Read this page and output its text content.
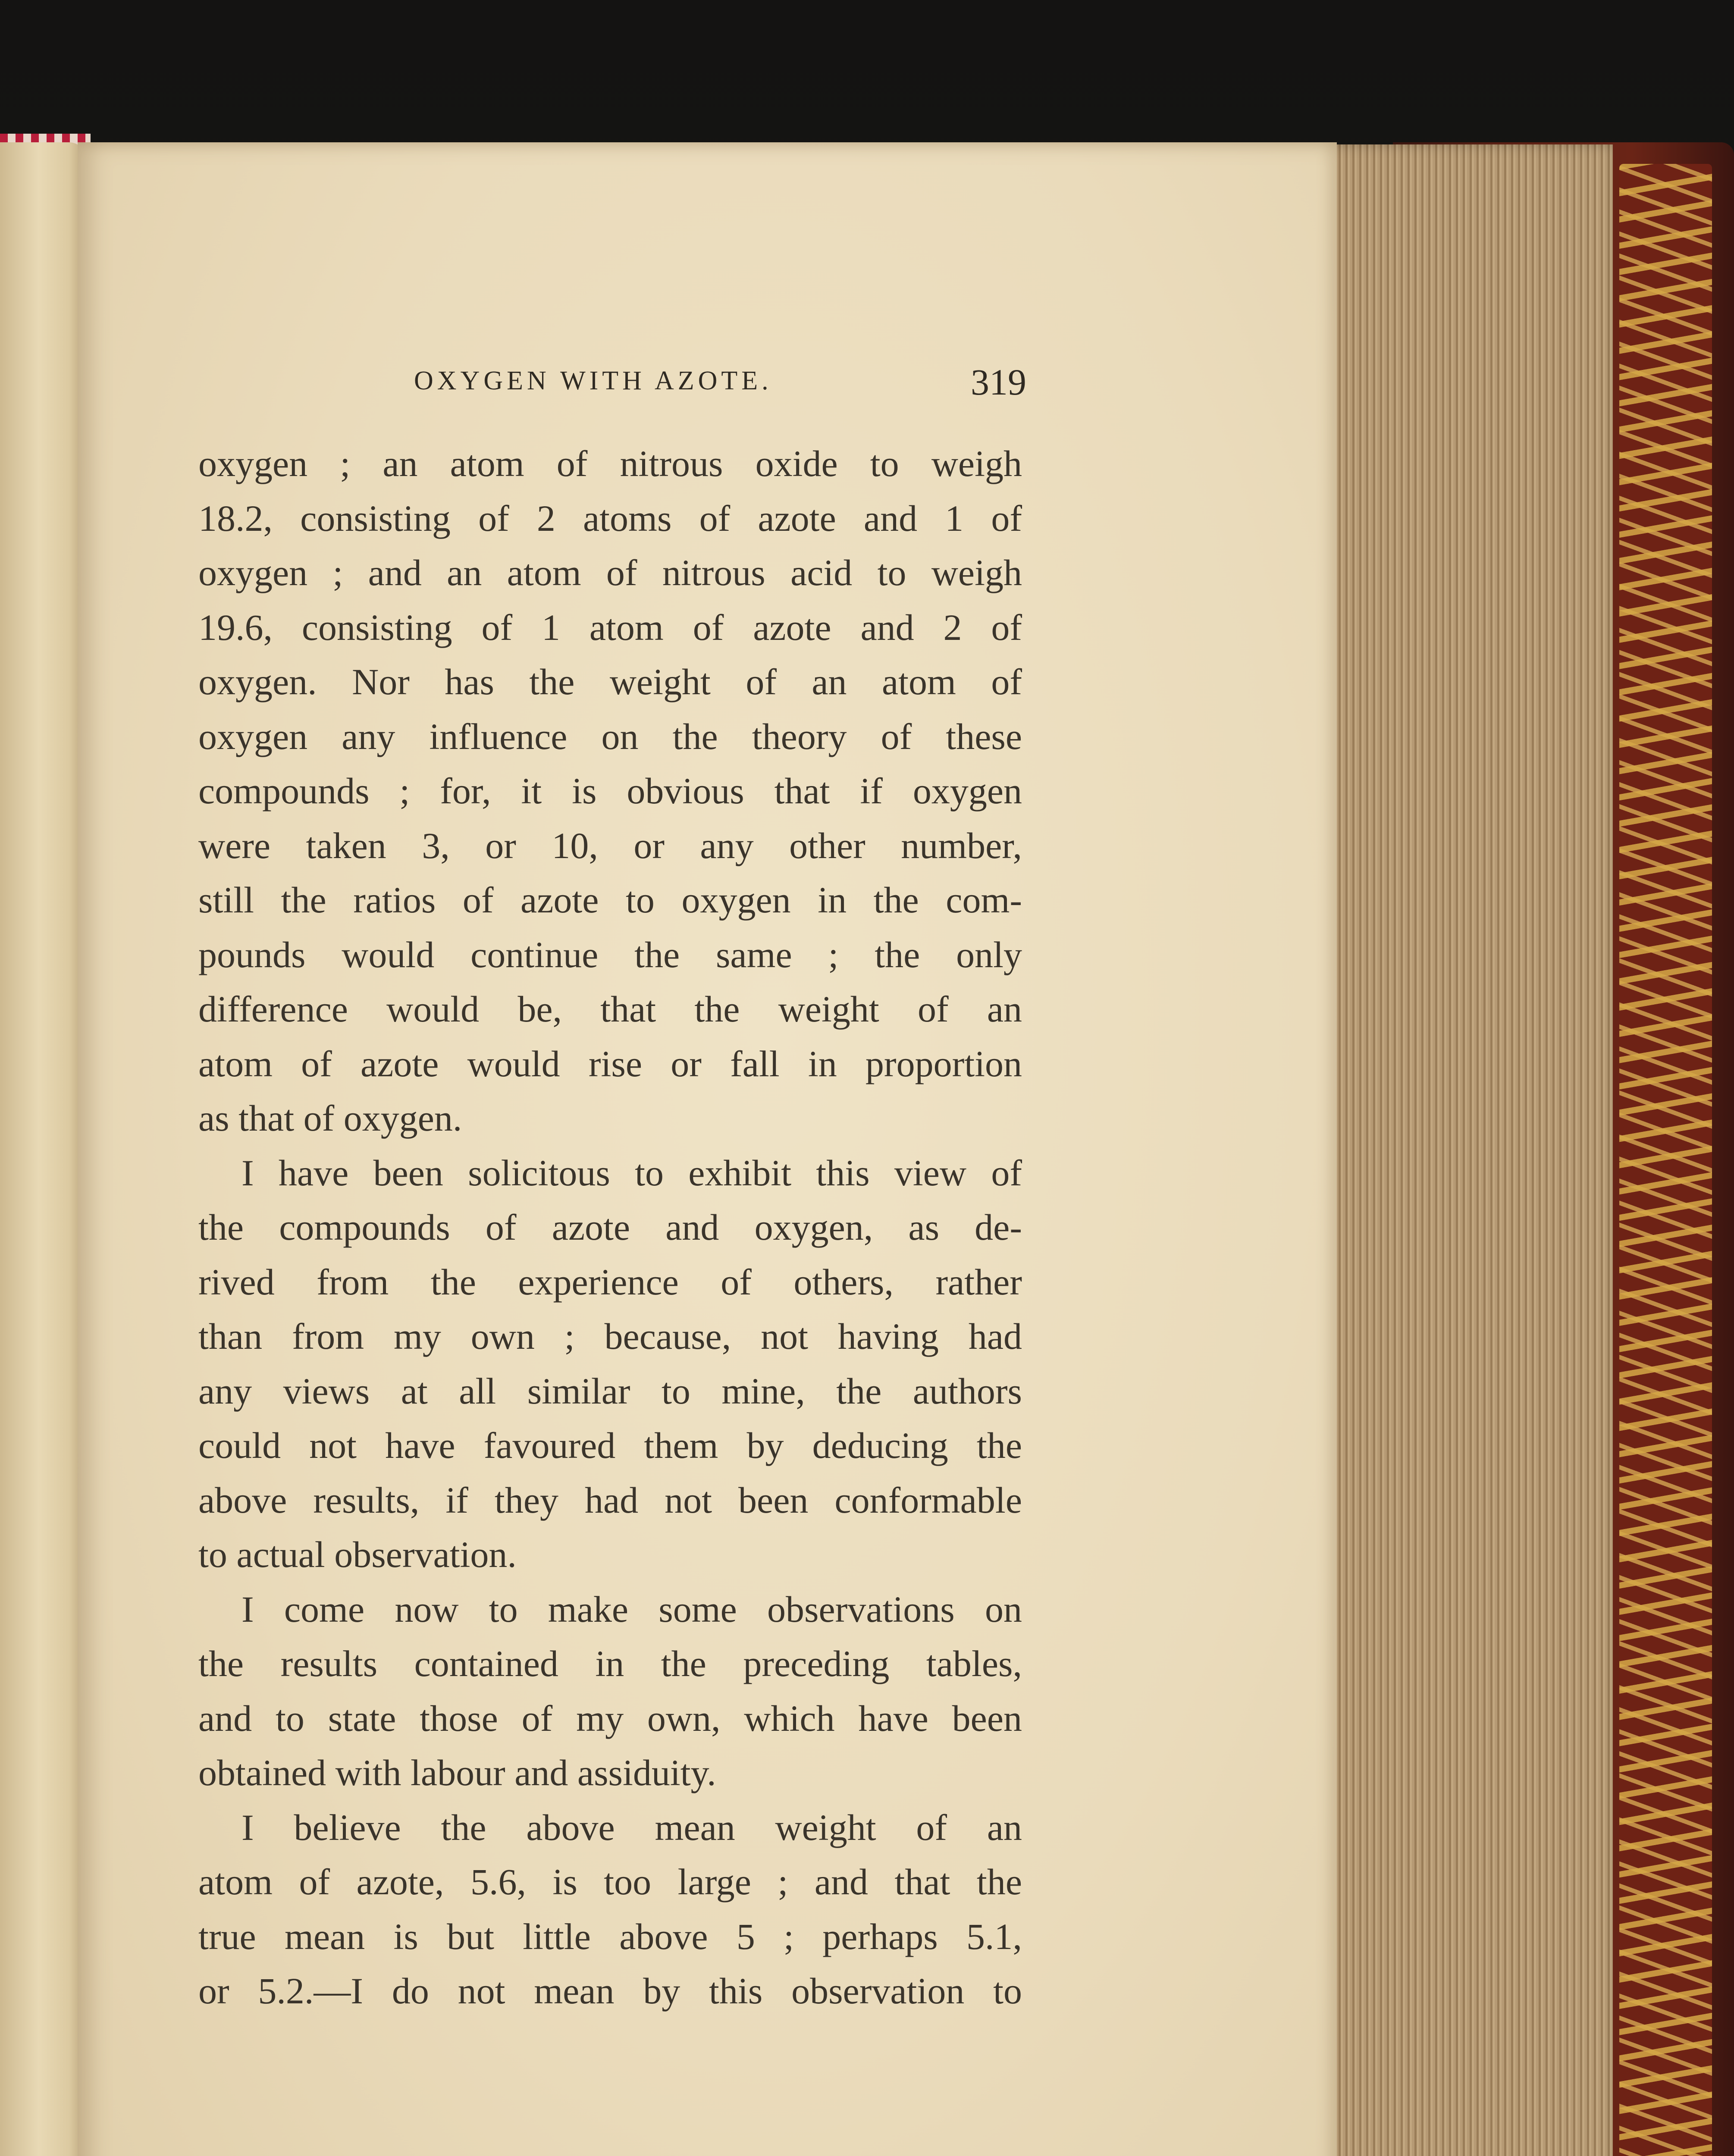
OXYGEN WITH AZOTE.	319
oxygen ; an atom of nitrous oxide to weigh
18.2, consisting of 2 atoms of azote and 1 of
oxygen ; and an atom of nitrous acid to weigh
19.6, consisting of 1 atom of azote and 2 of
oxygen. Nor has the weight of an atom of
oxygen any influence on the theory of these
compounds ; for, it is obvious that if oxygen
were taken 3, or 10, or any other number,
still the ratios of azote to oxygen in the com-
pounds would continue the same ; the only
difference would be, that the weight of an
atom of azote would rise or fall in proportion
as that of oxygen.
I have been solicitous to exhibit this view of
the compounds of azote and oxygen, as de-
rived from the experience of others, rather
than from my own ; because, not having had
any views at all similar to mine, the authors
could not have favoured them by deducing the
above results, if they had not been conformable
to actual observation.
I come now to make some observations on
the results contained in the preceding tables,
and to state those of my own, which have been
obtained with labour and assiduity.
I believe the above mean weight of an
atom of azote, 5.6, is too large ; and that the
true mean is but little above 5 ; perhaps 5.1,
or 5.2.—I do not mean by this observation to
